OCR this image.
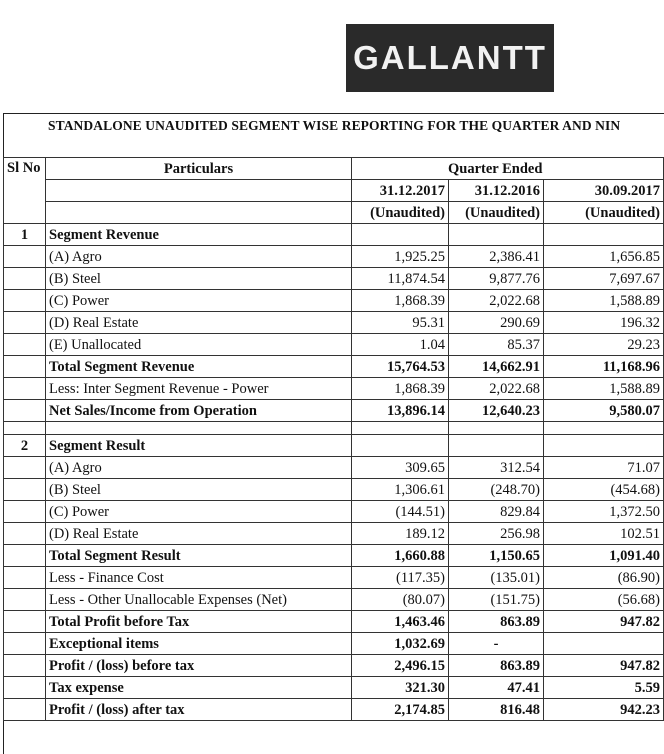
GALLANTT
STANDALONE UNAUDITED SEGMENT WISE REPORTING FOR THE QUARTER AND NIN
Sl No	Particulars	Quarter Ended		
		31.12.2017	31.12.2016	30.09.2017
		(Unaudited)	(Unaudited)	(Unaudited)
1	Segment Revenue			
	(A) Agro	1,925.25	2,386.41	1,656.85
	(B) Steel	11,874.54	9,877.76	7,697.67
	(C) Power	1,868.39	2,022.68	1,588.89
	(D) Real Estate	95.31	290.69	196.32
	(E) Unallocated	1.04	85.37	29.23
	Total Segment Revenue	15,764.53	14,662.91	11,168.96
	Less: Inter Segment Revenue - Power	1,868.39	2,022.68	1,588.89
	Net Sales/Income from Operation	13,896.14	12,640.23	9,580.07

2	Segment Result			
	(A) Agro	309.65	312.54	71.07
	(B) Steel	1,306.61	(248.70)	(454.68)
	(C) Power	(144.51)	829.84	1,372.50
	(D) Real Estate	189.12	256.98	102.51
	Total Segment Result	1,660.88	1,150.65	1,091.40
	Less - Finance Cost	(117.35)	(135.01)	(86.90)
	Less - Other Unallocable Expenses (Net)	(80.07)	(151.75)	(56.68)
	Total Profit before Tax	1,463.46	863.89	947.82
	Exceptional items	1,032.69	-	
	Profit / (loss) before tax	2,496.15	863.89	947.82
	Tax expense	321.30	47.41	5.59
	Profit / (loss) after tax	2,174.85	816.48	942.23
